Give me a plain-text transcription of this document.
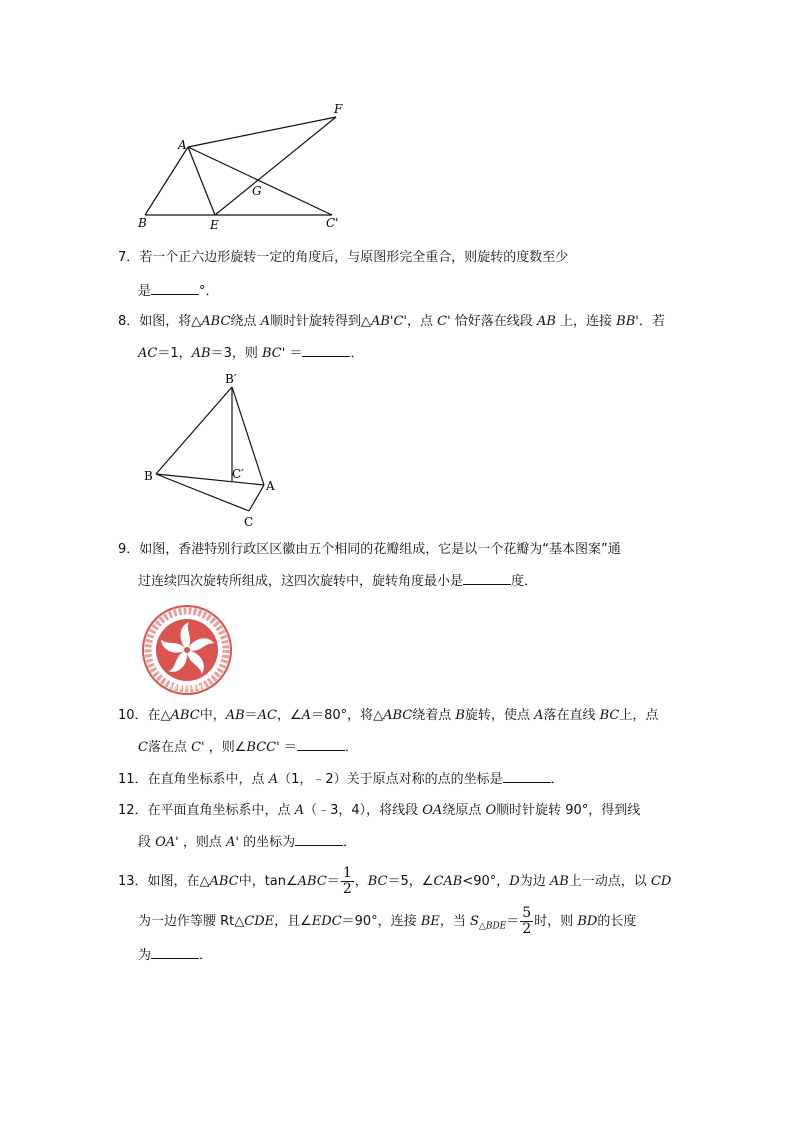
A
B	E
G
C'
F
7．若一个正六边形旋转一定的角度后，与原图形完全重合，则旋转的度数至少
是	°．
8．如图，将△ABC绕点 A顺时针旋转得到△AB'C'，点 C' 恰好落在线段 AB 上，连接 BB'．若
AC＝1，AB＝3，则 BC' ＝	．
B′
B	C′
A
C
9．如图，香港特别行政区区徽由五个相同的花瓣组成，它是以一个花瓣为“基本图案”通
过连续四次旋转所组成，这四次旋转中，旋转角度最小是	度．
HONGKONG
10．在△ABC中，AB＝AC，∠A＝80°，将△ABC绕着点 B旋转，使点 A落在直线 BC上，点
C落在点 C' ，则∠BCC' ＝	．
11．在直角坐标系中，点 A（1，﹣2）关于原点对称的点的坐标是	．
12．在平面直角坐标系中，点 A（﹣3，4），将线段 OA绕原点 O顺时针旋转 90°，得到线
段 OA' ，则点 A' 的坐标为	．
13．如图，在△ABC中，tan∠ABC＝ $\frac{1}{2}$ ，BC＝5，∠CAB<90°，D为边 AB上一动点，以 CD
为一边作等腰 Rt△CDE，且∠EDC＝90°，连接 BE，当 $S_{\triangle BDE}= \frac{5}{2}$ 时，则 BD的长度
为	．
